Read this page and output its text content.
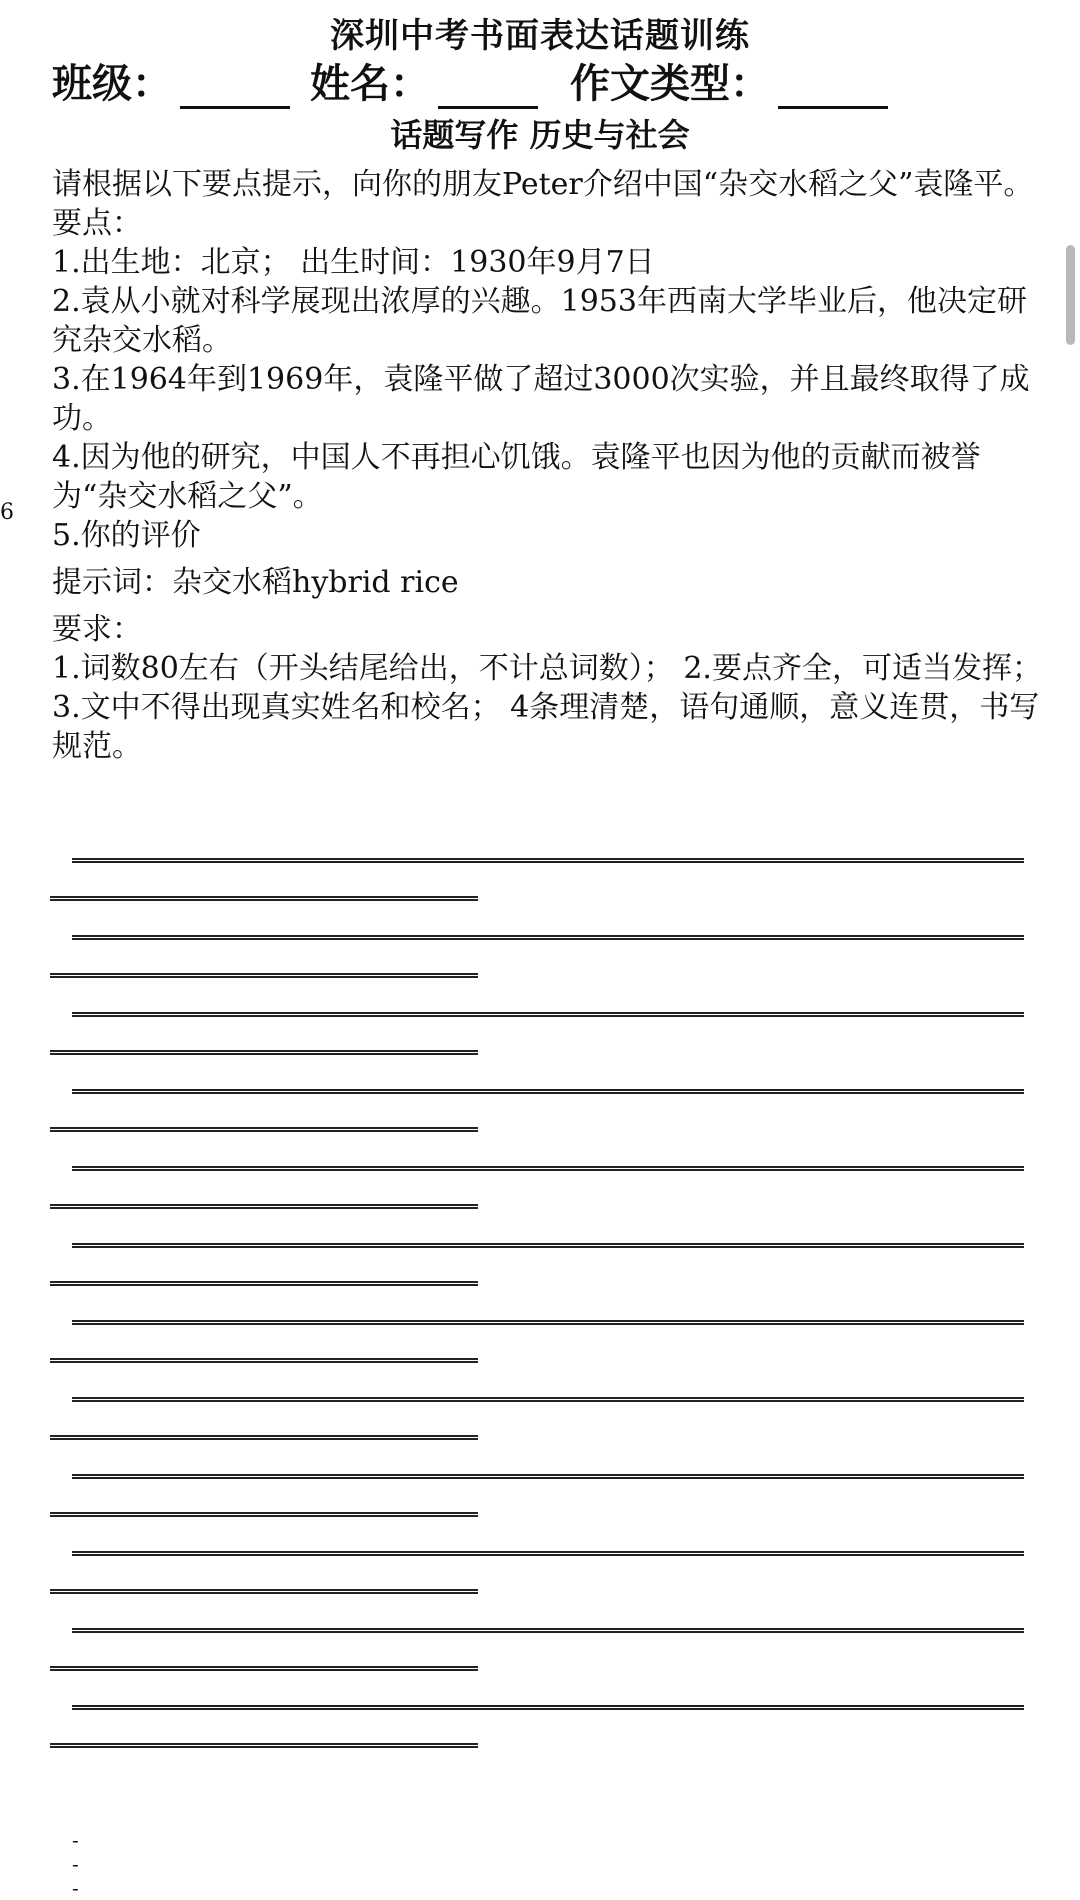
深圳中考书面表达话题训练
班级：	姓名：	作文类型：
话题写作 历史与社会

请根据以下要点提示，向你的朋友Peter介绍中国“杂交水稻之父”袁隆平。

要点：

1.出生地：北京； 出生时间：1930年9月7日

2.袁从小就对科学展现出浓厚的兴趣。1953年西南大学毕业后，他决定研究杂交水稻。

3.在1964年到1969年，袁隆平做了超过3000次实验，并且最终取得了成功。

4.因为他的研究，中国人不再担心饥饿。袁隆平也因为他的贡献而被誉为“杂交水稻之父”。

5.你的评价

提示词：杂交水稻hybrid rice

要求：

1.词数80左右（开头结尾给出，不计总词数）； 2.要点齐全，可适当发挥； 3.文中不得出现真实姓名和校名； 4条理清楚，语句通顺，意义连贯，书写规范。

6
-
-
-
